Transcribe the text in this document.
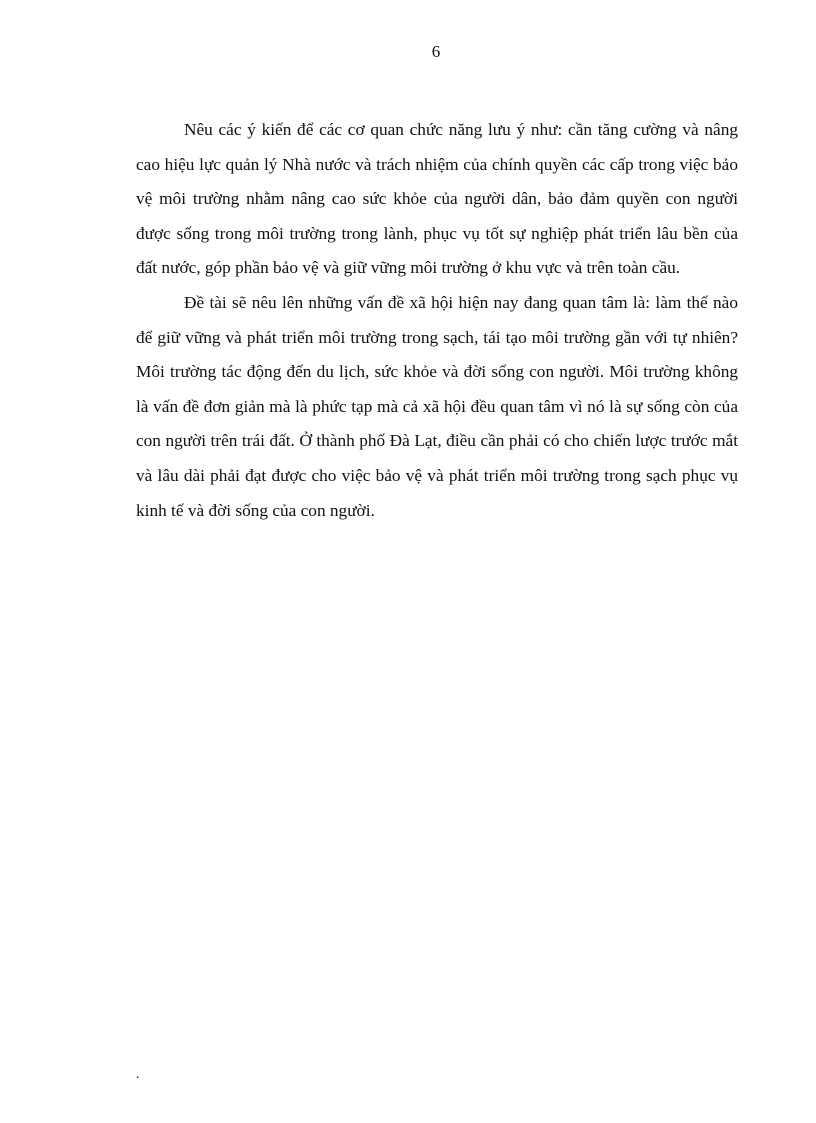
6

Nêu các ý kiến để các cơ quan chức năng lưu ý như: cần tăng cường và nâng cao hiệu lực quản lý Nhà nước và trách nhiệm của chính quyền các cấp trong việc bảo vệ môi trường nhằm nâng cao sức khỏe của người dân, bảo đảm quyền con người được sống trong môi trường trong lành, phục vụ tốt sự nghiệp phát triển lâu bền của đất nước, góp phần bảo vệ và giữ vững môi trường ở khu vực và trên toàn cầu.

Đề tài sẽ nêu lên những vấn đề xã hội hiện nay đang quan tâm là: làm thế nào để giữ vững và phát triển môi trường trong sạch, tái tạo môi trường gần với tự nhiên? Môi trường tác động đến du lịch, sức khỏe và đời sống con người. Môi trường không là vấn đề đơn giản mà là phức tạp mà cả xã hội đều quan tâm vì nó là sự sống còn của con người trên trái đất. Ở thành phố Đà Lạt, điều cần phải có cho chiến lược trước mắt và lâu dài phải đạt được cho việc bảo vệ và phát triển môi trường trong sạch phục vụ kinh tế và đời sống của con người.

.
